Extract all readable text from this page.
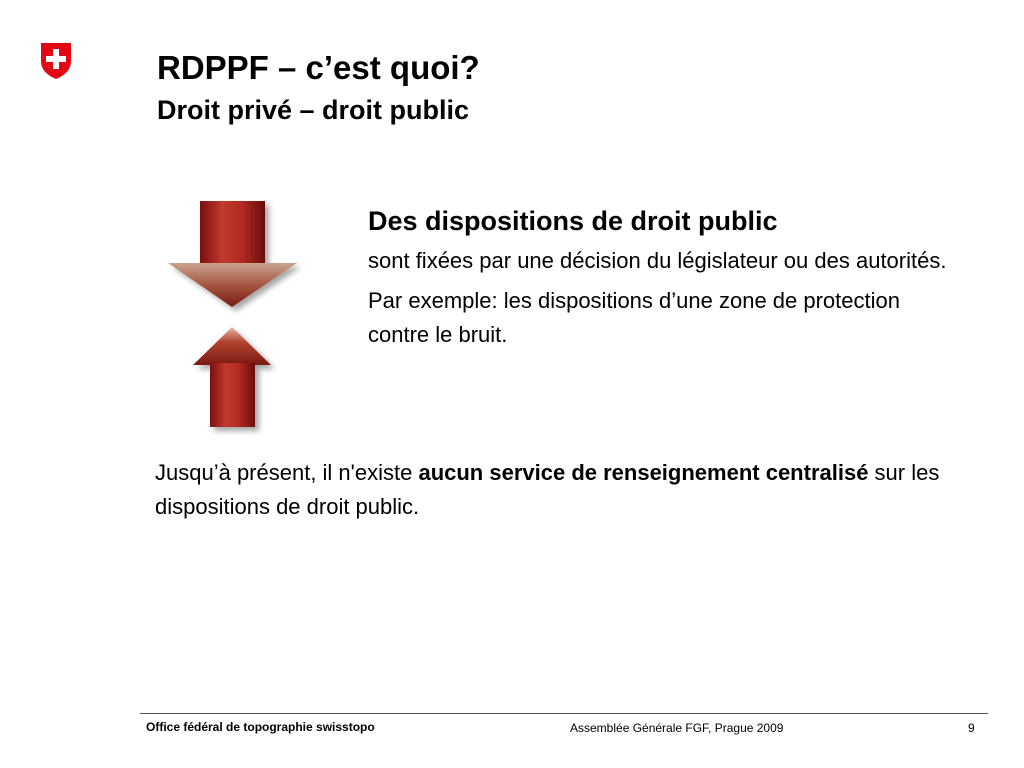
RDPPF – c’est quoi?
Droit privé – droit public
Des dispositions de droit public

sont fixées par une décision du législateur ou des autorités.

Par exemple: les dispositions d’une zone de protection contre le bruit.

Jusqu’à présent, il n'existe aucun service de renseignement centralisé sur les dispositions de droit public.
Office fédéral de topographie swisstopo	Assemblée Générale FGF, Prague 2009	9
